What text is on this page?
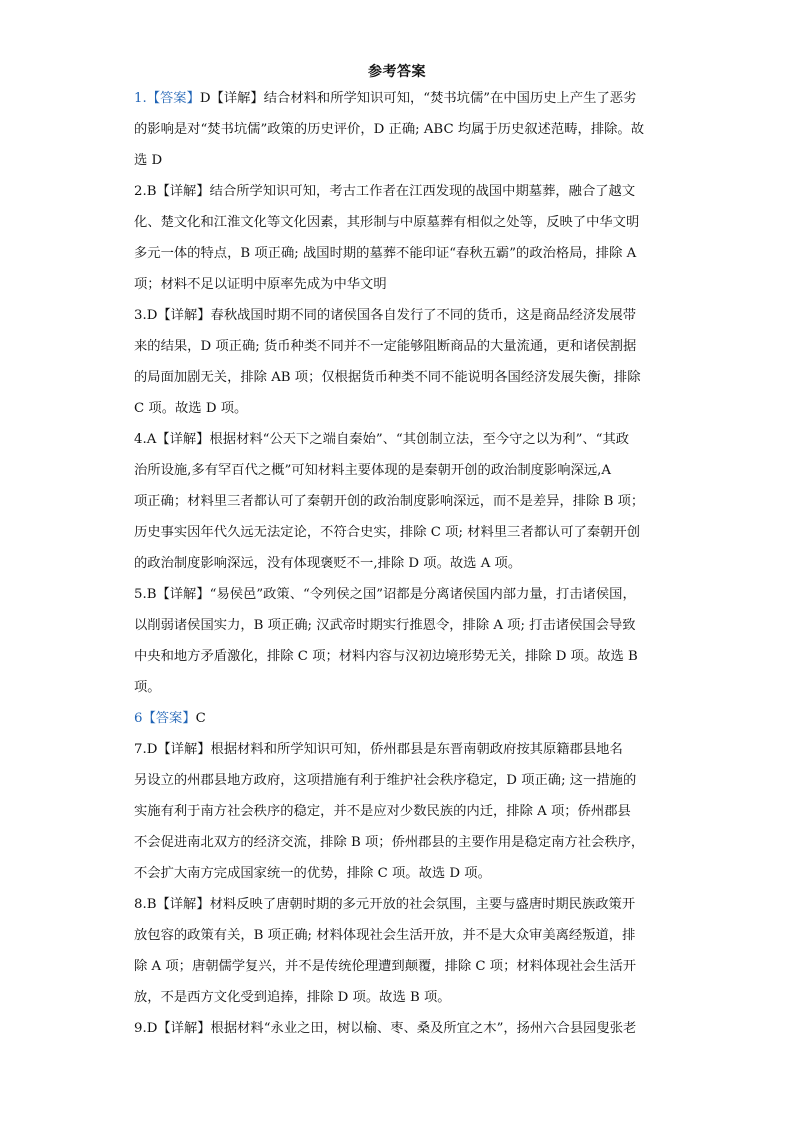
参考答案
1.【答案】D【详解】结合材料和所学知识可知，“焚书坑儒”在中国历史上产生了恶劣
的影响是对“焚书坑儒”政策的历史评价，D 正确; ABC 均属于历史叙述范畴，排除。故
选 D
2.B【详解】结合所学知识可知，考古工作者在江西发现的战国中期墓葬，融合了越文
化、楚文化和江淮文化等文化因素，其形制与中原墓葬有相似之处等，反映了中华文明
多元一体的特点，B 项正确; 战国时期的墓葬不能印证“春秋五霸”的政治格局，排除 A
项；材料不足以证明中原率先成为中华文明
3.D【详解】春秋战国时期不同的诸侯国各自发行了不同的货币，这是商品经济发展带
来的结果，D 项正确; 货币种类不同并不一定能够阻断商品的大量流通，更和诸侯割据
的局面加剧无关，排除 AB 项；仅根据货币种类不同不能说明各国经济发展失衡，排除
C 项。故选 D 项。
4.A【详解】根据材料“公天下之端自秦始”、“其创制立法，至今守之以为利”、“其政
治所设施,多有罕百代之概”可知材料主要体现的是秦朝开创的政治制度影响深远,A
项正确；材料里三者都认可了秦朝开创的政治制度影响深远，而不是差异，排除 B 项；
历史事实因年代久远无法定论，不符合史实，排除 C 项; 材料里三者都认可了秦朝开创
的政治制度影响深远，没有体现褒贬不一,排除 D 项。故选 A 项。
5.B【详解】“易侯邑”政策、“令列侯之国”诏都是分离诸侯国内部力量，打击诸侯国，
以削弱诸侯国实力，B 项正确; 汉武帝时期实行推恩令，排除 A 项; 打击诸侯国会导致
中央和地方矛盾激化，排除 C 项；材料内容与汉初边境形势无关，排除 D 项。故选 B
项。
6【答案】C
7.D【详解】根据材料和所学知识可知，侨州郡县是东晋南朝政府按其原籍郡县地名
另设立的州郡县地方政府，这项措施有利于维护社会秩序稳定，D 项正确; 这一措施的
实施有利于南方社会秩序的稳定，并不是应对少数民族的内迁，排除 A 项；侨州郡县
不会促进南北双方的经济交流，排除 B 项；侨州郡县的主要作用是稳定南方社会秩序，
不会扩大南方完成国家统一的优势，排除 C 项。故选 D 项。
8.B【详解】材料反映了唐朝时期的多元开放的社会氛围，主要与盛唐时期民族政策开
放包容的政策有关，B 项正确; 材料体现社会生活开放，并不是大众审美离经叛道，排
除 A 项；唐朝儒学复兴，并不是传统伦理遭到颠覆，排除 C 项；材料体现社会生活开
放，不是西方文化受到追捧，排除 D 项。故选 B 项。
9.D【详解】根据材料“永业之田，树以榆、枣、桑及所宜之木”，扬州六合县园叟张老
